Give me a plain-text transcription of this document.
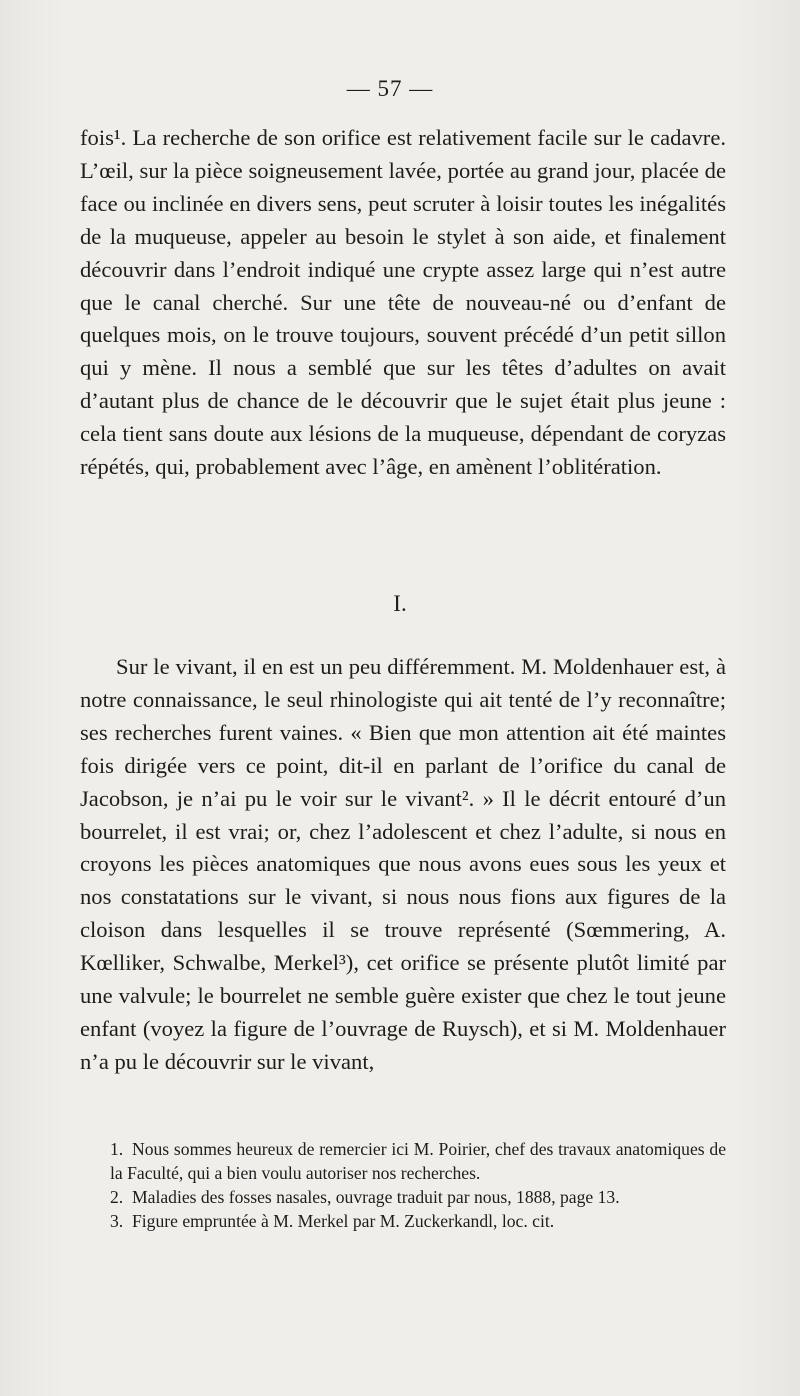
— 57 —

fois¹. La recherche de son orifice est relativement facile sur le cadavre. L’œil, sur la pièce soigneusement lavée, portée au grand jour, placée de face ou inclinée en divers sens, peut scruter à loisir toutes les inégalités de la muqueuse, appeler au besoin le stylet à son aide, et finalement découvrir dans l’endroit indiqué une crypte assez large qui n’est autre que le canal cherché. Sur une tête de nouveau-né ou d’enfant de quelques mois, on le trouve toujours, souvent précédé d’un petit sillon qui y mène. Il nous a semblé que sur les têtes d’adultes on avait d’autant plus de chance de le découvrir que le sujet était plus jeune : cela tient sans doute aux lésions de la muqueuse, dépendant de coryzas répétés, qui, probablement avec l’âge, en amènent l’oblitération.

I.

Sur le vivant, il en est un peu différemment. M. Moldenhauer est, à notre connaissance, le seul rhinologiste qui ait tenté de l’y reconnaître; ses recherches furent vaines. « Bien que mon attention ait été maintes fois dirigée vers ce point, dit-il en parlant de l’orifice du canal de Jacobson, je n’ai pu le voir sur le vivant². » Il le décrit entouré d’un bourrelet, il est vrai; or, chez l’adolescent et chez l’adulte, si nous en croyons les pièces anatomiques que nous avons eues sous les yeux et nos constatations sur le vivant, si nous nous fions aux figures de la cloison dans lesquelles il se trouve représenté (Sœmmering, A. Kœlliker, Schwalbe, Merkel³), cet orifice se présente plutôt limité par une valvule; le bourrelet ne semble guère exister que chez le tout jeune enfant (voyez la figure de l’ouvrage de Ruysch), et si M. Moldenhauer n’a pu le découvrir sur le vivant,

1. Nous sommes heureux de remercier ici M. Poirier, chef des travaux anatomiques de la Faculté, qui a bien voulu autoriser nos recherches.

2. Maladies des fosses nasales, ouvrage traduit par nous, 1888, page 13.

3. Figure empruntée à M. Merkel par M. Zuckerkandl, loc. cit.
